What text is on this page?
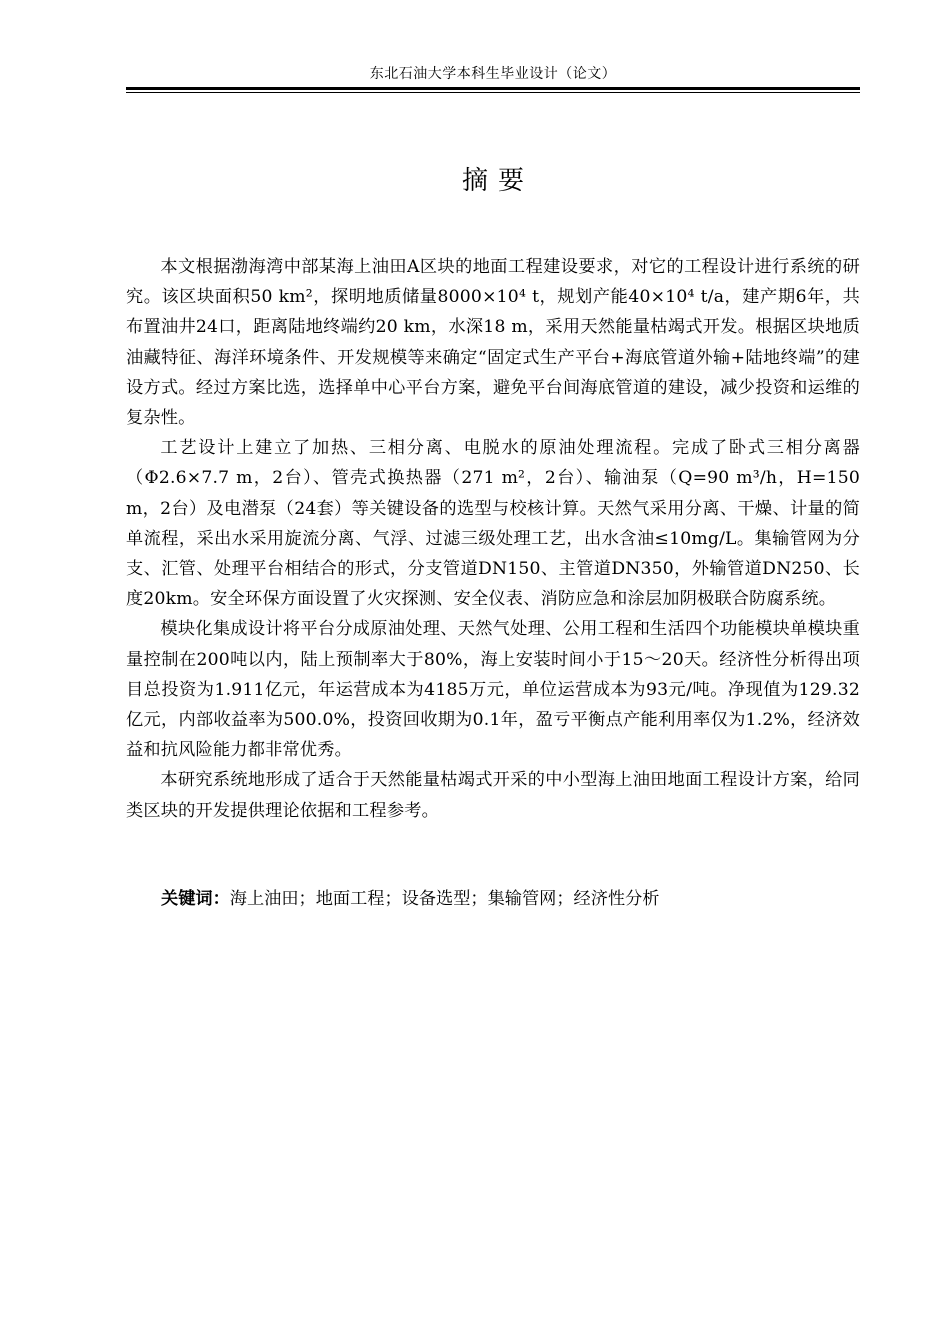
东北石油大学本科生毕业设计（论文）
摘要

本文根据渤海湾中部某海上油田A区块的地面工程建设要求，对它的工程设计进行系统的研究。该区块面积50 km²，探明地质储量8000×10⁴ t，规划产能40×10⁴ t/a，建产期6年，共布置油井24口，距离陆地终端约20 km，水深18 m，采用天然能量枯竭式开发。根据区块地质油藏特征、海洋环境条件、开发规模等来确定“固定式生产平台+海底管道外输+陆地终端”的建设方式。经过方案比选，选择单中心平台方案，避免平台间海底管道的建设，减少投资和运维的复杂性。

工艺设计上建立了加热、三相分离、电脱水的原油处理流程。完成了卧式三相分离器（Φ2.6×7.7 m，2台）、管壳式换热器（271 m²，2台）、输油泵（Q=90 m³/h，H=150 m，2台）及电潜泵（24套）等关键设备的选型与校核计算。天然气采用分离、干燥、计量的简单流程，采出水采用旋流分离、气浮、过滤三级处理工艺，出水含油≤10mg/L。集输管网为分支、汇管、处理平台相结合的形式，分支管道DN150、主管道DN350，外输管道DN250、长度20km。安全环保方面设置了火灾探测、安全仪表、消防应急和涂层加阴极联合防腐系统。

模块化集成设计将平台分成原油处理、天然气处理、公用工程和生活四个功能模块单模块重量控制在200吨以内，陆上预制率大于80%，海上安装时间小于15～20天。经济性分析得出项目总投资为1.911亿元，年运营成本为4185万元，单位运营成本为93元/吨。净现值为129.32亿元，内部收益率为500.0%，投资回收期为0.1年，盈亏平衡点产能利用率仅为1.2%，经济效益和抗风险能力都非常优秀。

本研究系统地形成了适合于天然能量枯竭式开采的中小型海上油田地面工程设计方案，给同类区块的开发提供理论依据和工程参考。

关键词：海上油田；地面工程；设备选型；集输管网；经济性分析
